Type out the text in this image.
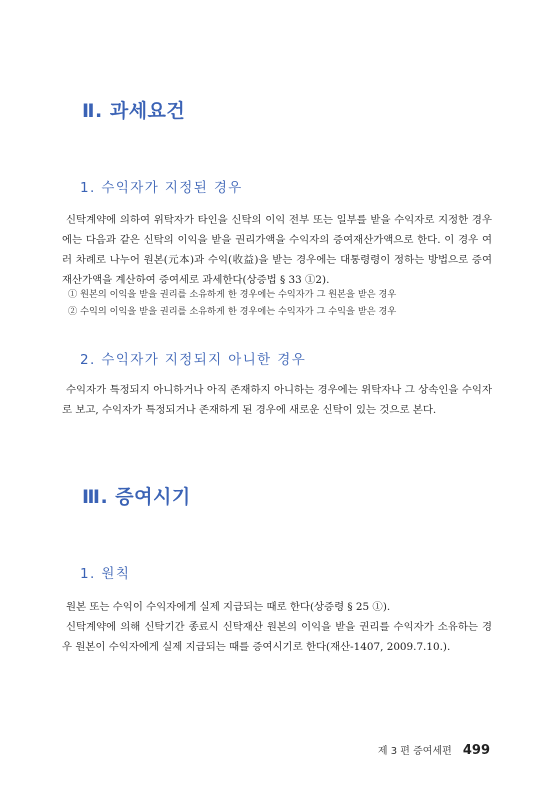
Ⅱ. 과세요건
1. 수익자가 지정된 경우

신탁계약에 의하여 위탁자가 타인을 신탁의 이익 전부 또는 일부를 받을 수익자로 지정한 경우에는 다음과 같은 신탁의 이익을 받을 권리가액을 수익자의 증여재산가액으로 한다. 이 경우 여러 차례로 나누어 원본(元本)과 수익(收益)을 받는 경우에는 대통령령이 정하는 방법으로 증여재산가액을 계산하여 증여세로 과세한다(상증법 § 33 ①2).

① 원본의 이익을 받을 권리를 소유하게 한 경우에는 수익자가 그 원본을 받은 경우
② 수익의 이익을 받을 권리를 소유하게 한 경우에는 수익자가 그 수익을 받은 경우
2. 수익자가 지정되지 아니한 경우

수익자가 특정되지 아니하거나 아직 존재하지 아니하는 경우에는 위탁자나 그 상속인을 수익자로 보고, 수익자가 특정되거나 존재하게 된 경우에 새로운 신탁이 있는 것으로 본다.

Ⅲ. 증여시기
1. 원칙

원본 또는 수익이 수익자에게 실제 지급되는 때로 한다(상증령 § 25 ①).

신탁계약에 의해 신탁기간 종료시 신탁재산 원본의 이익을 받을 권리를 수익자가 소유하는 경우 원본이 수익자에게 실제 지급되는 때를 증여시기로 한다(재산-1407, 2009.7.10.).

제 3 편 증여세편 499
